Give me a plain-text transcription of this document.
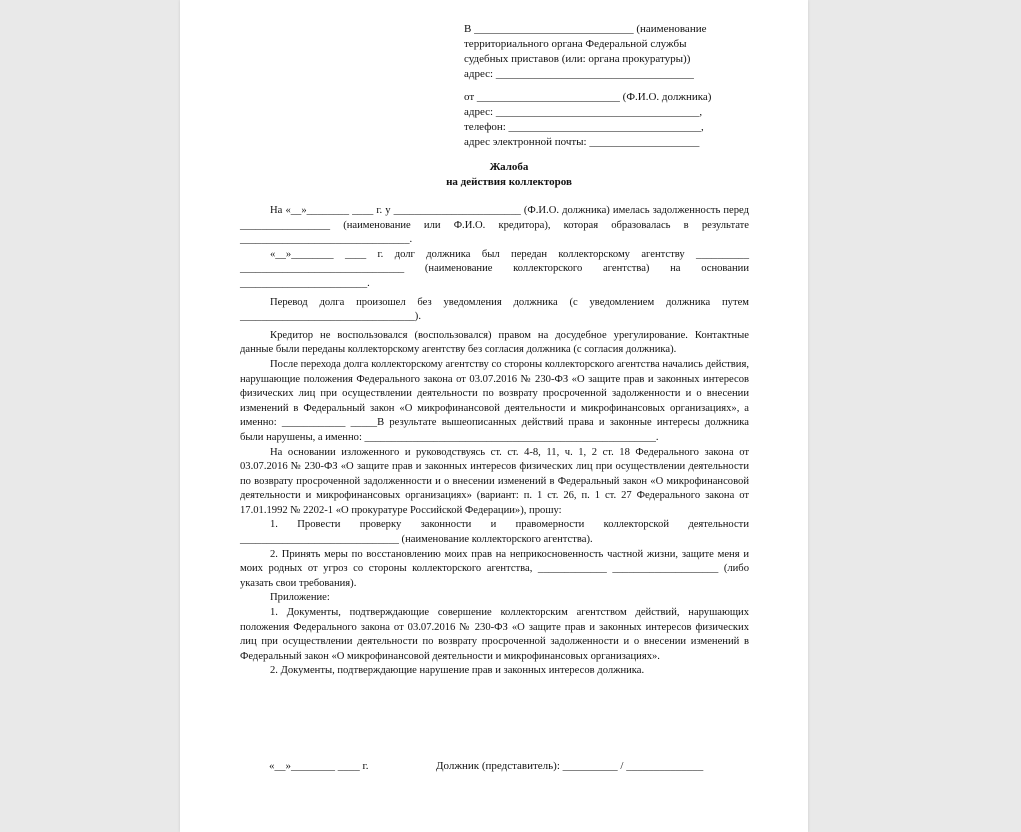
В _____________________________ (наименование

территориального органа Федеральной службы

судебных приставов (или: органа прокуратуры))

адрес: ____________________________________

от __________________________ (Ф.И.О. должника)

адрес: _____________________________________,

телефон: ___________________________________,

адрес электронной почты: ____________________

Жалоба

на действия коллекторов

На «__»________ ____ г. у ________________________ (Ф.И.О. должника) имелась задолженность перед _________________ (наименование или Ф.И.О. кредитора), которая образовалась в результате ________________________________.

«__»________ ____ г. долг должника был передан коллекторскому агентству __________ _______________________________ (наименование коллекторского агентства) на основании ________________________.

Перевод долга произошел без уведомления должника (с уведомлением должника путем _________________________________).

Кредитор не воспользовался (воспользовался) правом на досудебное урегулирование. Контактные данные были переданы коллекторскому агентству без согласия должника (с согласия должника).

После перехода долга коллекторскому агентству со стороны коллекторского агентства начались действия, нарушающие положения Федерального закона от 03.07.2016 № 230-ФЗ «О защите прав и законных интересов физических лиц при осуществлении деятельности по возврату просроченной задолженности и о внесении изменений в Федеральный закон «О микрофинансовой деятельности и микрофинансовых организациях», а именно: ____________ _____В результате вышеописанных действий права и законные интересы должника были нарушены, а именно: _______________________________________________________.

На основании изложенного и руководствуясь ст. ст. 4-8, 11, ч. 1, 2 ст. 18 Федерального закона от 03.07.2016 № 230-ФЗ «О защите прав и законных интересов физических лиц при осуществлении деятельности по возврату просроченной задолженности и о внесении изменений в Федеральный закон «О микрофинансовой деятельности и микрофинансовых организациях» (вариант: п. 1 ст. 26, п. 1 ст. 27 Федерального закона от 17.01.1992 № 2202-1 «О прокуратуре Российской Федерации»), прошу:

1. Провести проверку законности и правомерности коллекторской деятельности ______________________________ (наименование коллекторского агентства).

2. Принять меры по восстановлению моих прав на неприкосновенность частной жизни, защите меня и моих родных от угроз со стороны коллекторского агентства, _____________ ____________________ (либо указать свои требования).

Приложение:

1. Документы, подтверждающие совершение коллекторским агентством действий, нарушающих положения Федерального закона от 03.07.2016 № 230-ФЗ «О защите прав и законных интересов физических лиц при осуществлении деятельности по возврату просроченной задолженности и о внесении изменений в Федеральный закон «О микрофинансовой деятельности и микрофинансовых организациях».

2. Документы, подтверждающие нарушение прав и законных интересов должника.

«__»________ ____ г.	Должник (представитель): __________ / ______________
